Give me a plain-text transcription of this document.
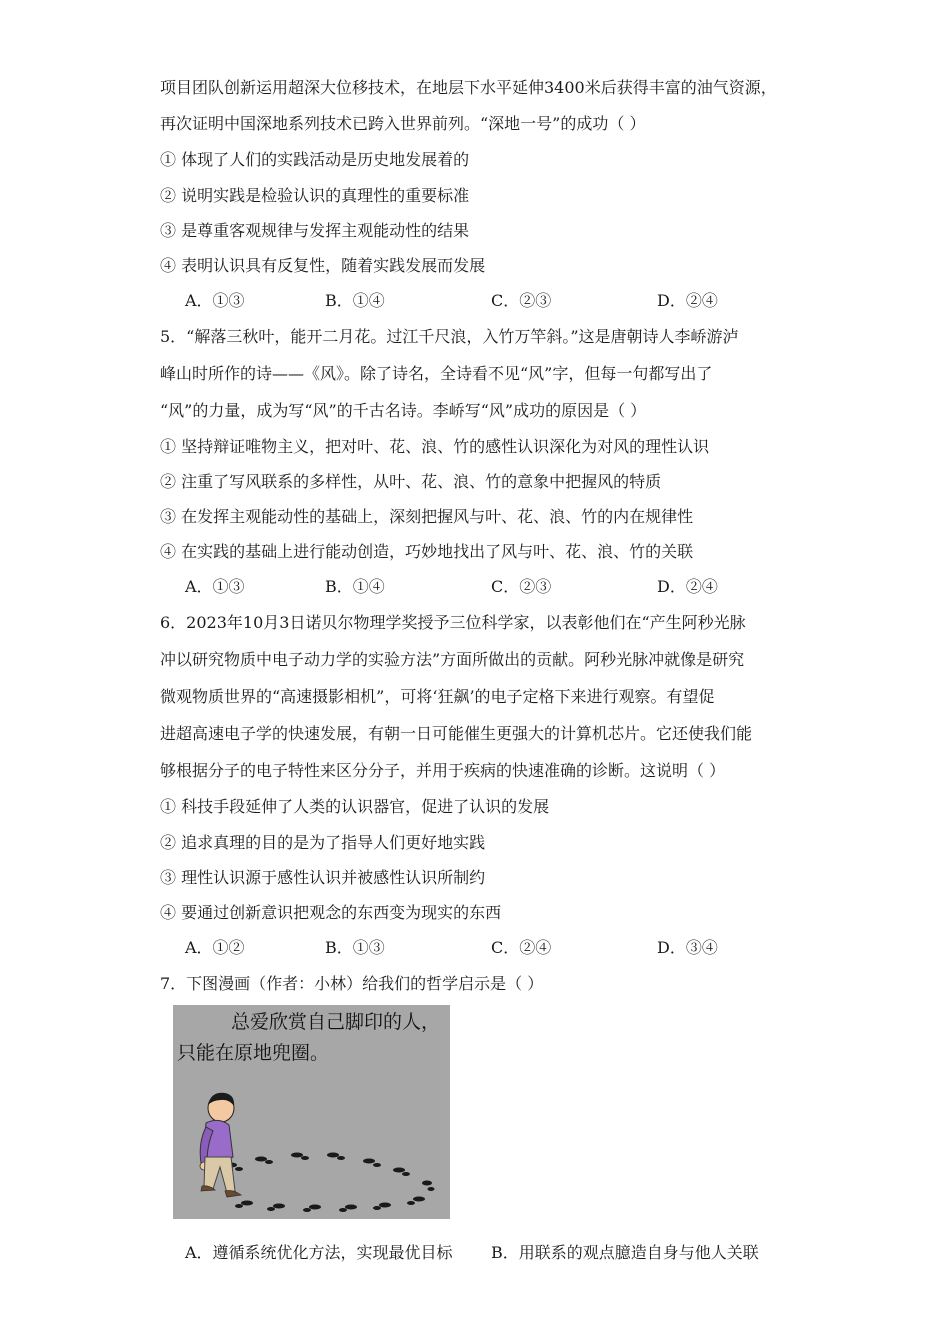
项目团队创新运用超深大位移技术，在地层下水平延伸3400米后获得丰富的油气资源，
再次证明中国深地系列技术已跨入世界前列。“深地一号”的成功（ ）
① 体现了人们的实践活动是历史地发展着的
② 说明实践是检验认识的真理性的重要标准
③ 是尊重客观规律与发挥主观能动性的结果
④ 表明认识具有反复性，随着实践发展而发展
A．①③	B．①④	C．②③	D．②④
5．“解落三秋叶，能开二月花。过江千尺浪，入竹万竿斜。”这是唐朝诗人李峤游泸
峰山时所作的诗——《风》。除了诗名，全诗看不见“风”字，但每一句都写出了
“风”的力量，成为写“风”的千古名诗。李峤写“风”成功的原因是（ ）
① 坚持辩证唯物主义，把对叶、花、浪、竹的感性认识深化为对风的理性认识
② 注重了写风联系的多样性，从叶、花、浪、竹的意象中把握风的特质
③ 在发挥主观能动性的基础上，深刻把握风与叶、花、浪、竹的内在规律性
④ 在实践的基础上进行能动创造，巧妙地找出了风与叶、花、浪、竹的关联
A．①③	B．①④	C．②③	D．②④
6．2023年10月3日诺贝尔物理学奖授予三位科学家，以表彰他们在“产生阿秒光脉
冲以研究物质中电子动力学的实验方法”方面所做出的贡献。阿秒光脉冲就像是研究
微观物质世界的“高速摄影相机”，可将‘狂飙’的电子定格下来进行观察。有望促
进超高速电子学的快速发展，有朝一日可能催生更强大的计算机芯片。它还使我们能
够根据分子的电子特性来区分分子，并用于疾病的快速准确的诊断。这说明（ ）
① 科技手段延伸了人类的认识器官，促进了认识的发展
② 追求真理的目的是为了指导人们更好地实践
③ 理性认识源于感性认识并被感性认识所制约
④ 要通过创新意识把观念的东西变为现实的东西
A．①②	B．①③	C．②④	D．③④
7．下图漫画（作者：小林）给我们的哲学启示是（ ）
总爱欣赏自己脚印的人，
只能在原地兜圈。
A．遵循系统优化方法，实现最优目标 B．用联系的观点臆造自身与他人关联
